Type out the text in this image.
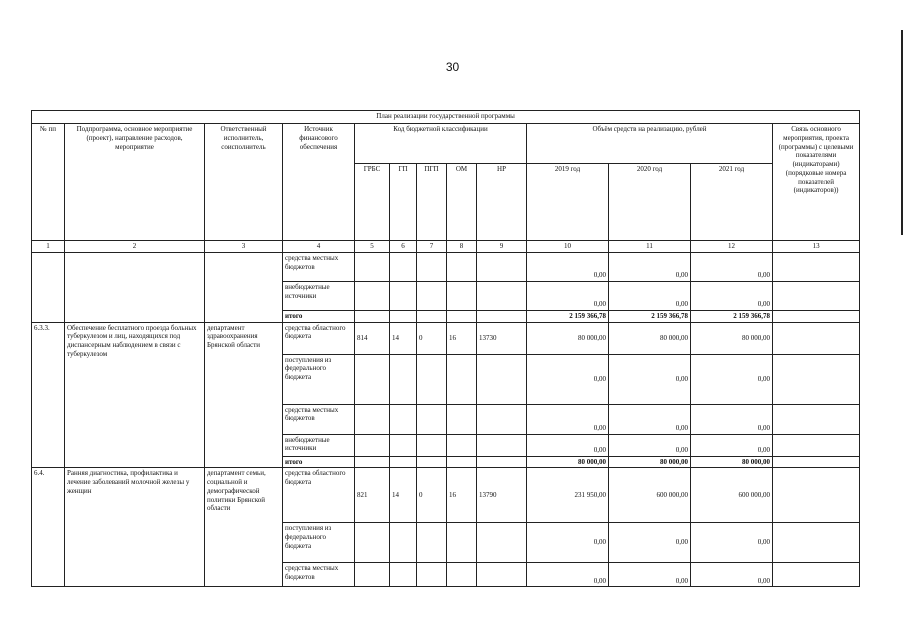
30
План реализации государственной программы												
№ пп	Подпрограмма, основное мероприятие (проект), направление расходов, мероприятие	Ответственный исполнитель, соисполнитель	Источник финансового обеспечения	Код бюджетной классификации					Объём средств на реализацию, рублей			Связь основного мероприятия, проекта (программы) с целевыми показателями (индикаторами) (порядковые номера показателей (индикаторов))
				ГРБС	ГП	ПГП	ОМ	НР	2019 год	2020 год	2021 год	
1	2	3	4	5	6	7	8	9	10	11	12	13
			средства местных бюджетов						0,00	0,00	0,00	
			внебюджетные источники						0,00	0,00	0,00	
			итого						2 159 366,78	2 159 366,78	2 159 366,78	
6.3.3.	Обеспечение бесплатного проезда больных туберкулезом и лиц, находящихся под диспансерным наблюдением в связи с туберкулезом	департамент здравоохранения Брянской области	средства областного бюджета	814	14	0	16	13730	80 000,00	80 000,00	80 000,00	
			поступления из федерального бюджета						0,00	0,00	0,00	
			средства местных бюджетов						0,00	0,00	0,00	
			внебюджетные источники						0,00	0,00	0,00	
			итого						80 000,00	80 000,00	80 000,00	
6.4.	Ранняя диагностика, профилактика и лечение заболеваний молочной железы у женщин	департамент семьи, социальной и демографической политики Брянской области	средства областного бюджета	821	14	0	16	13790	231 950,00	600 000,00	600 000,00	
			поступления из федерального бюджета						0,00	0,00	0,00	
			средства местных бюджетов						0,00	0,00	0,00	
